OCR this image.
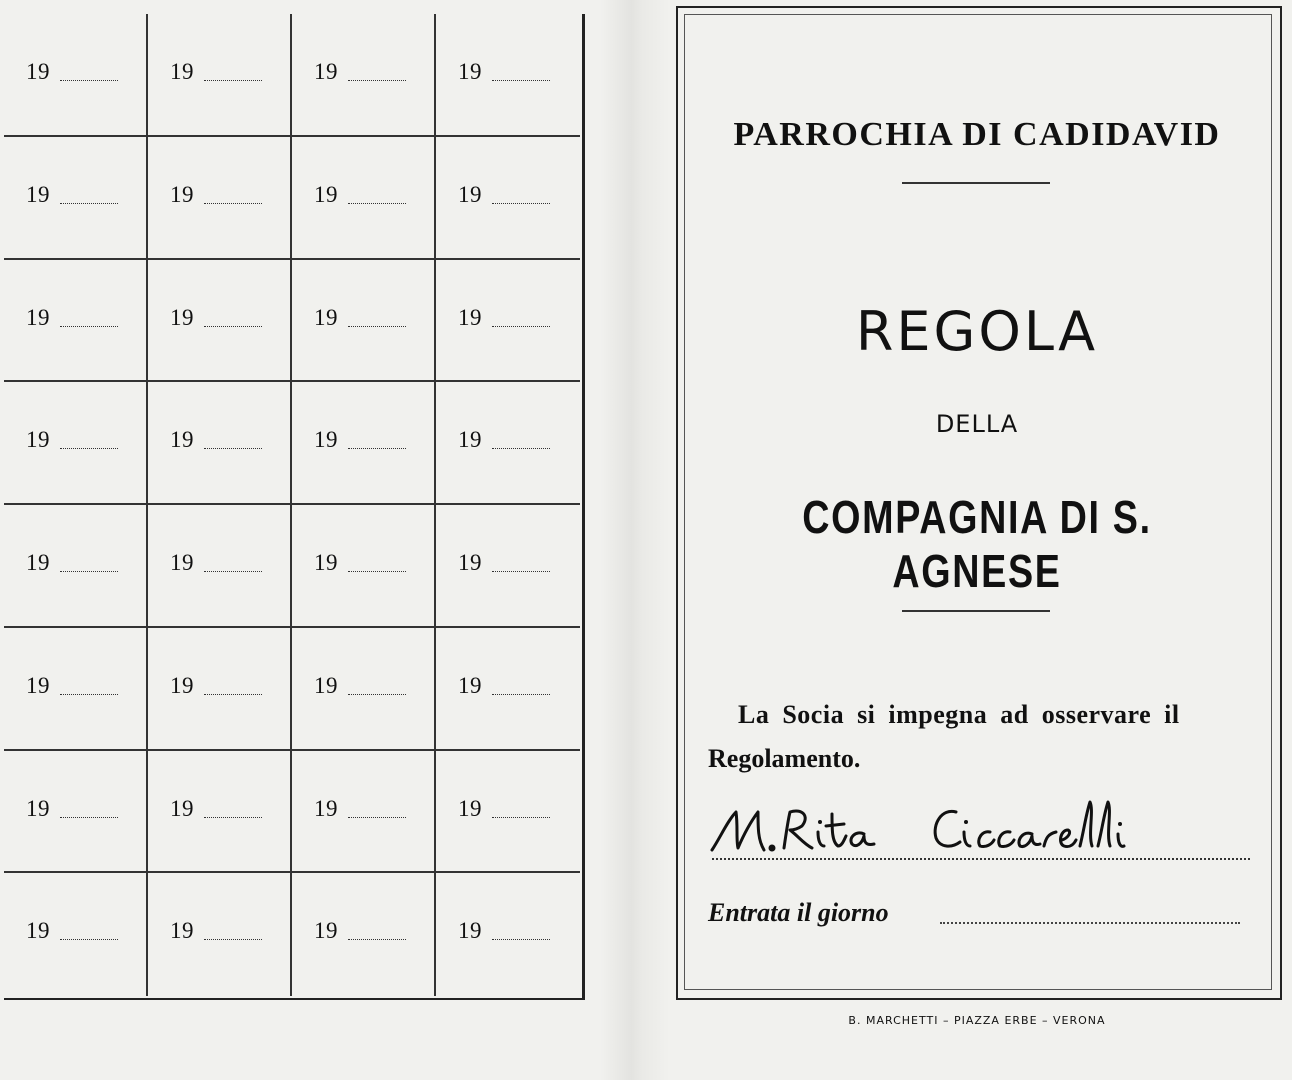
19	19	19	19
19	19	19	19
19	19	19	19
19	19	19	19
19	19	19	19
19	19	19	19
19	19	19	19
19	19	19	19
PARROCHIA DI CADIDAVID
REGOLA
DELLA
COMPAGNIA DI S. AGNESE
La Socia si impegna ad osservare il
Regolamento.
Entrata il giorno
B. MARCHETTI – PIAZZA ERBE – VERONA
